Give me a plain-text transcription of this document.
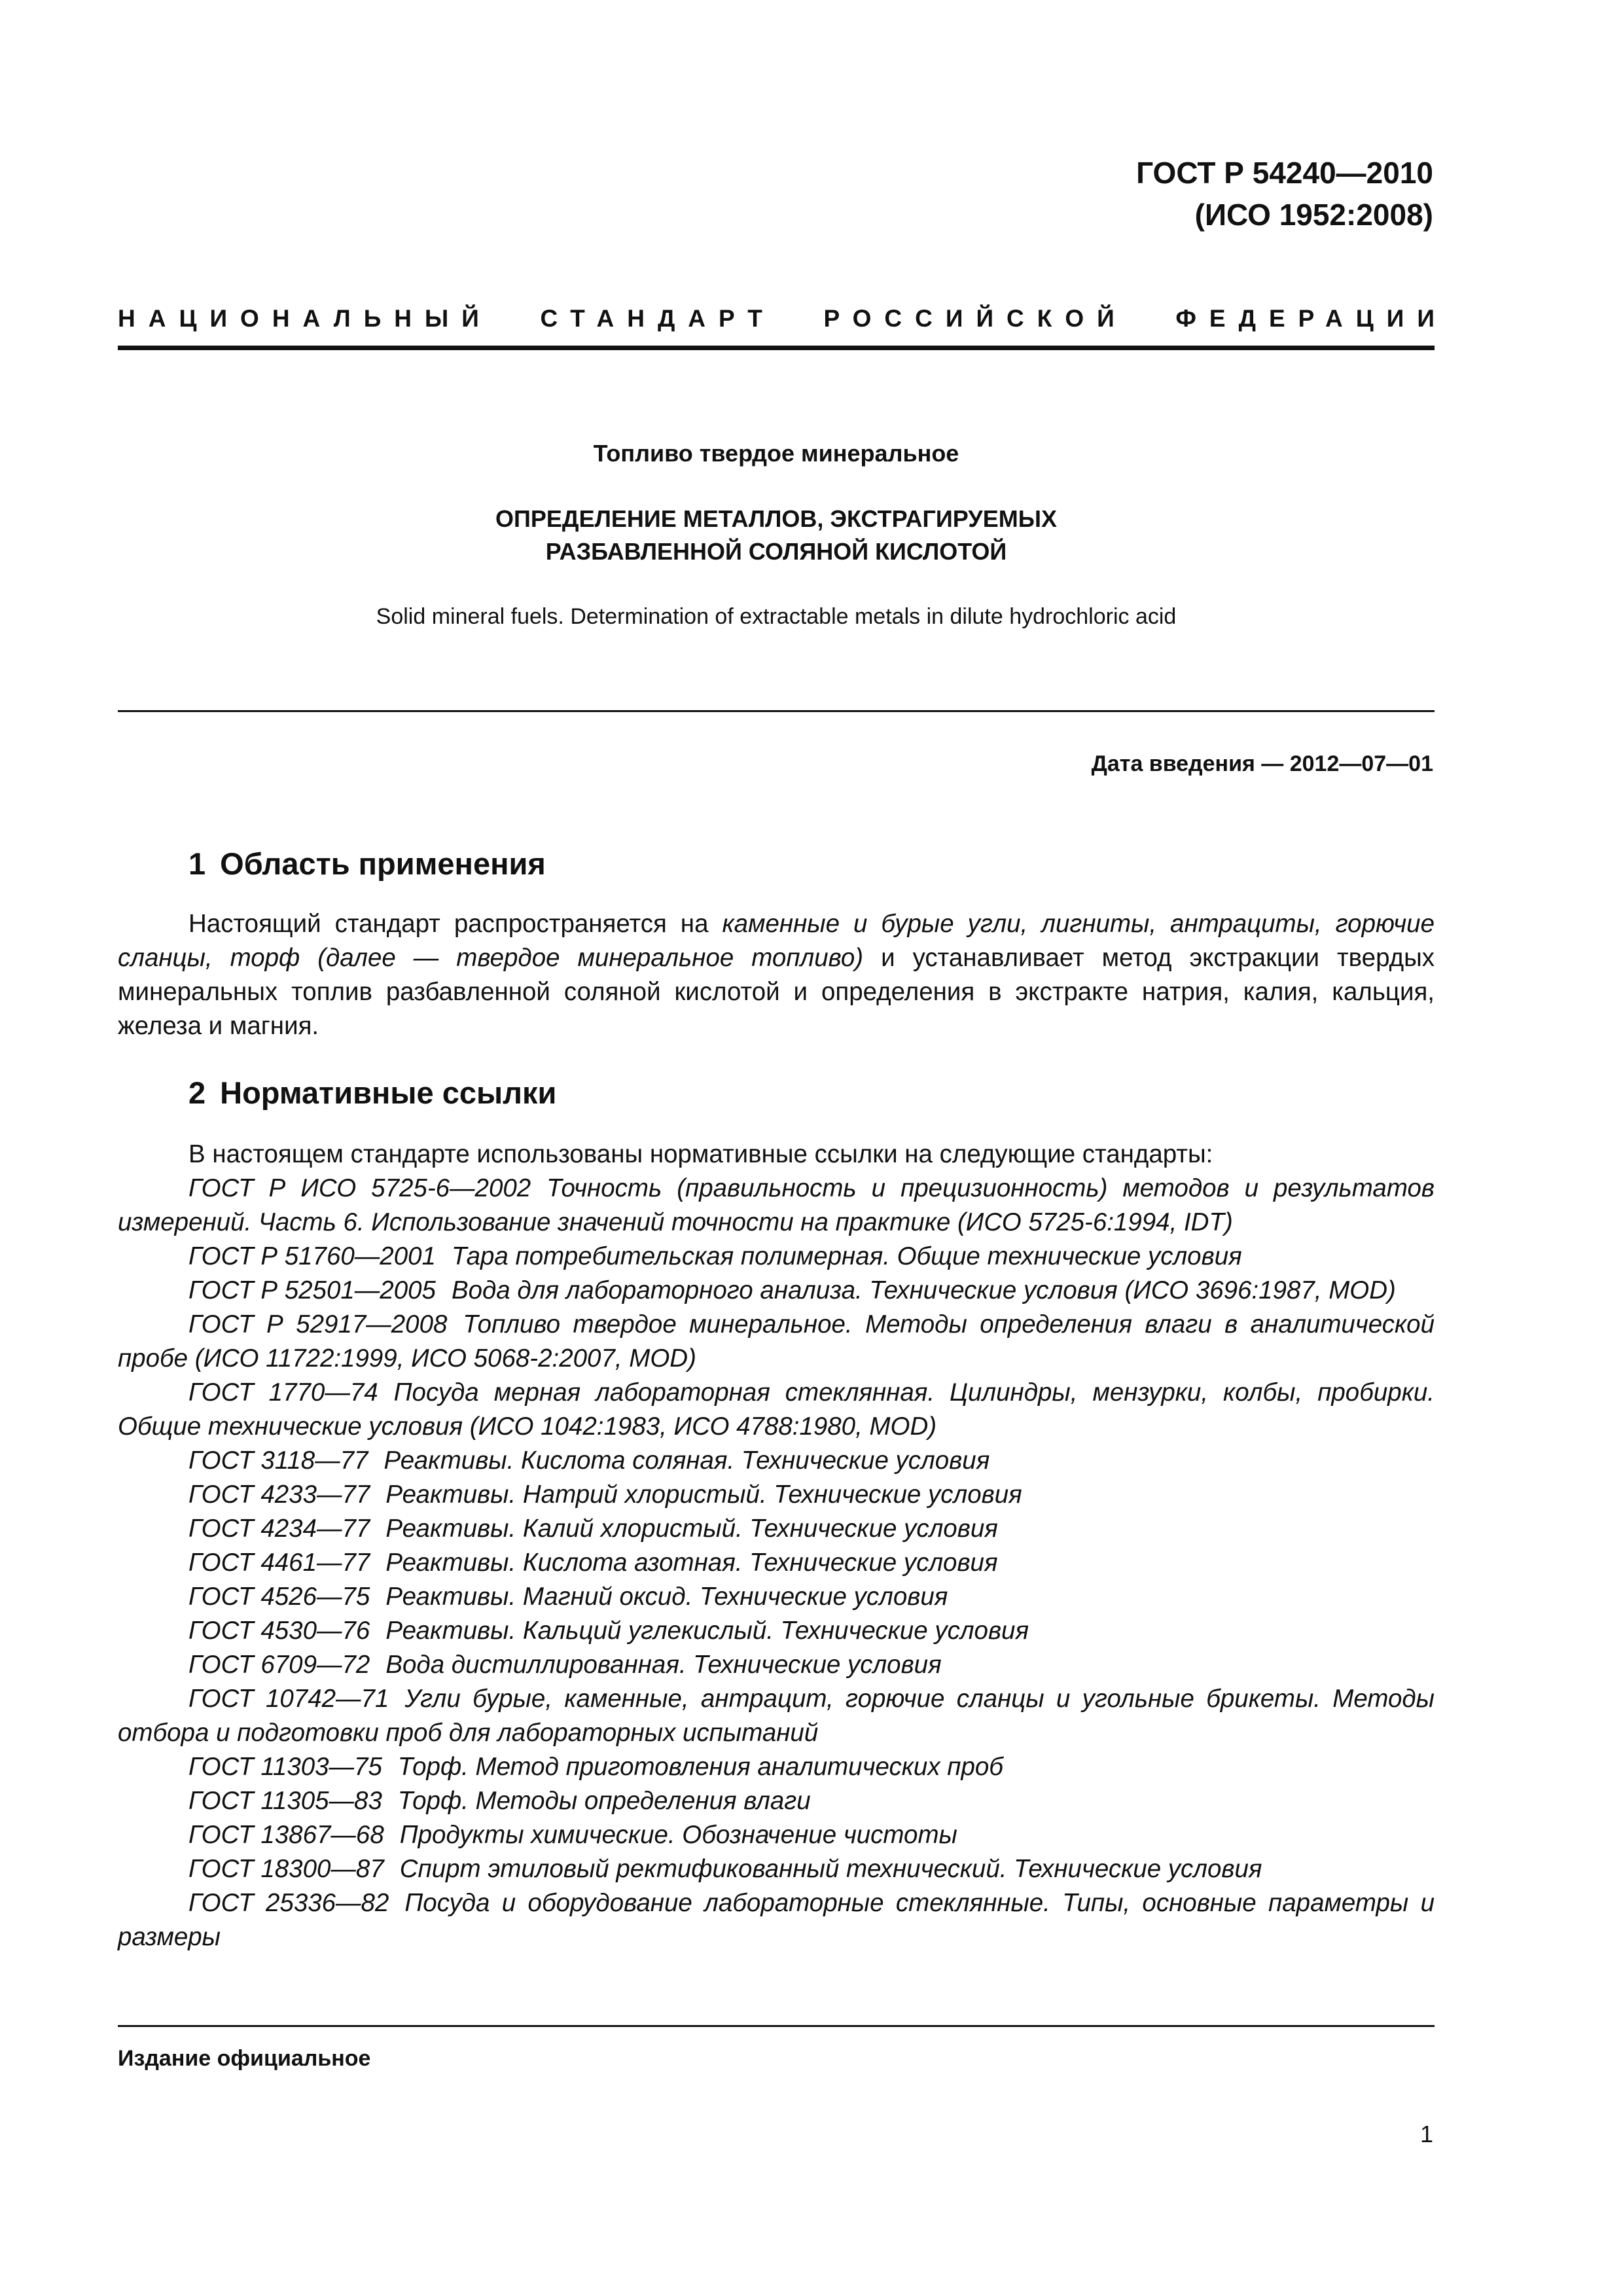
ГОСТ Р 54240—2010
(ИСО 1952:2008)
НАЦИОНАЛЬНЫЙ СТАНДАРТ РОССИЙСКОЙ ФЕДЕРАЦИИ
Топливо твердое минеральное
ОПРЕДЕЛЕНИЕ МЕТАЛЛОВ, ЭКСТРАГИРУЕМЫХ
РАЗБАВЛЕННОЙ СОЛЯНОЙ КИСЛОТОЙ
Solid mineral fuels. Determination of extractable metals in dilute hydrochloric acid
Дата введения — 2012—07—01
1 Область применения
Настоящий стандарт распространяется на каменные и бурые угли, лигниты, антрациты, горючие сланцы, торф (далее — твердое минеральное топливо) и устанавливает метод экстракции твердых минеральных топлив разбавленной соляной кислотой и определения в экстракте натрия, калия, кальция, железа и магния.
2 Нормативные ссылки
В настоящем стандарте использованы нормативные ссылки на следующие стандарты:
ГОСТ Р ИСО 5725-6—2002 Точность (правильность и прецизионность) методов и результатов измерений. Часть 6. Использование значений точности на практике (ИСО 5725-6:1994, IDT)
ГОСТ Р 51760—2001 Тара потребительская полимерная. Общие технические условия
ГОСТ Р 52501—2005 Вода для лабораторного анализа. Технические условия (ИСО 3696:1987, MOD)
ГОСТ Р 52917—2008 Топливо твердое минеральное. Методы определения влаги в аналитической пробе (ИСО 11722:1999, ИСО 5068-2:2007, MOD)
ГОСТ 1770—74 Посуда мерная лабораторная стеклянная. Цилиндры, мензурки, колбы, пробирки. Общие технические условия (ИСО 1042:1983, ИСО 4788:1980, MOD)
ГОСТ 3118—77 Реактивы. Кислота соляная. Технические условия
ГОСТ 4233—77 Реактивы. Натрий хлористый. Технические условия
ГОСТ 4234—77 Реактивы. Калий хлористый. Технические условия
ГОСТ 4461—77 Реактивы. Кислота азотная. Технические условия
ГОСТ 4526—75 Реактивы. Магний оксид. Технические условия
ГОСТ 4530—76 Реактивы. Кальций углекислый. Технические условия
ГОСТ 6709—72 Вода дистиллированная. Технические условия
ГОСТ 10742—71 Угли бурые, каменные, антрацит, горючие сланцы и угольные брикеты. Методы отбора и подготовки проб для лабораторных испытаний
ГОСТ 11303—75 Торф. Метод приготовления аналитических проб
ГОСТ 11305—83 Торф. Методы определения влаги
ГОСТ 13867—68 Продукты химические. Обозначение чистоты
ГОСТ 18300—87 Спирт этиловый ректификованный технический. Технические условия
ГОСТ 25336—82 Посуда и оборудование лабораторные стеклянные. Типы, основные параметры и размеры
Издание официальное
1
